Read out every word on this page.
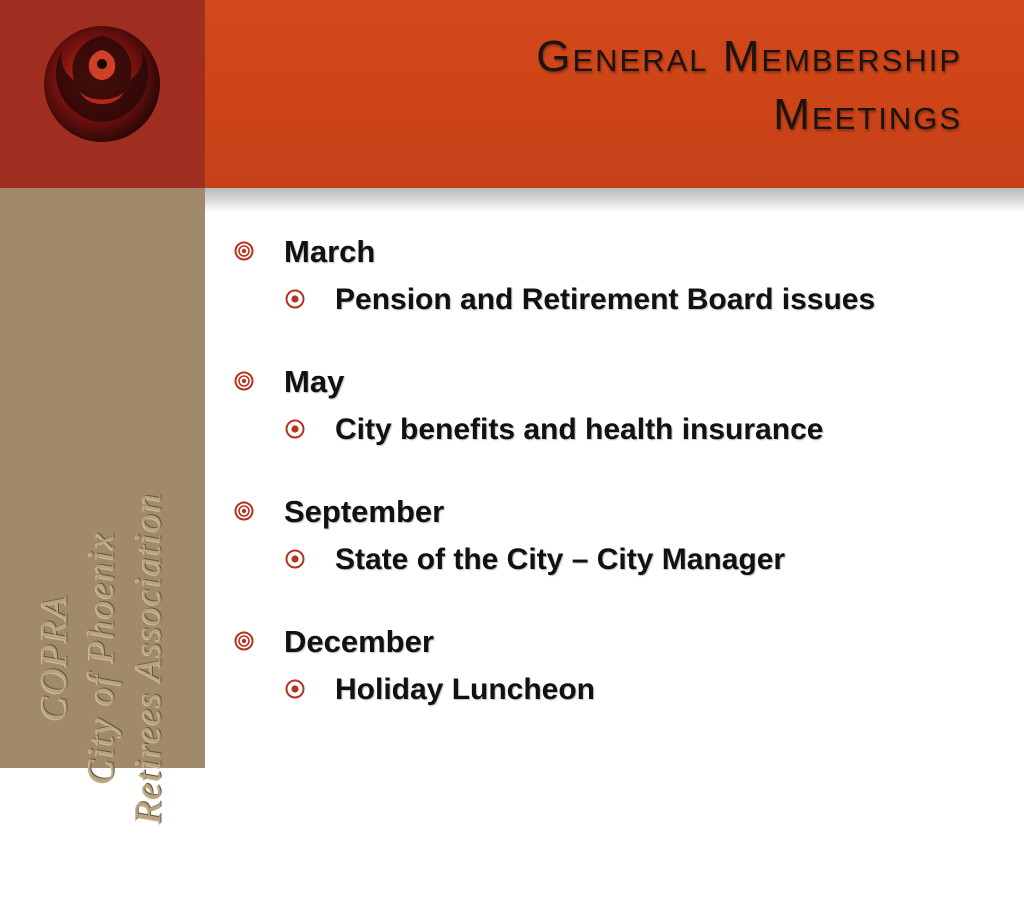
General Membership
Meetings
COPRA City of Phoenix Retirees Association
March
Pension and Retirement Board issues
May
City benefits and health insurance
September
State of the City – City Manager
December
Holiday Luncheon
